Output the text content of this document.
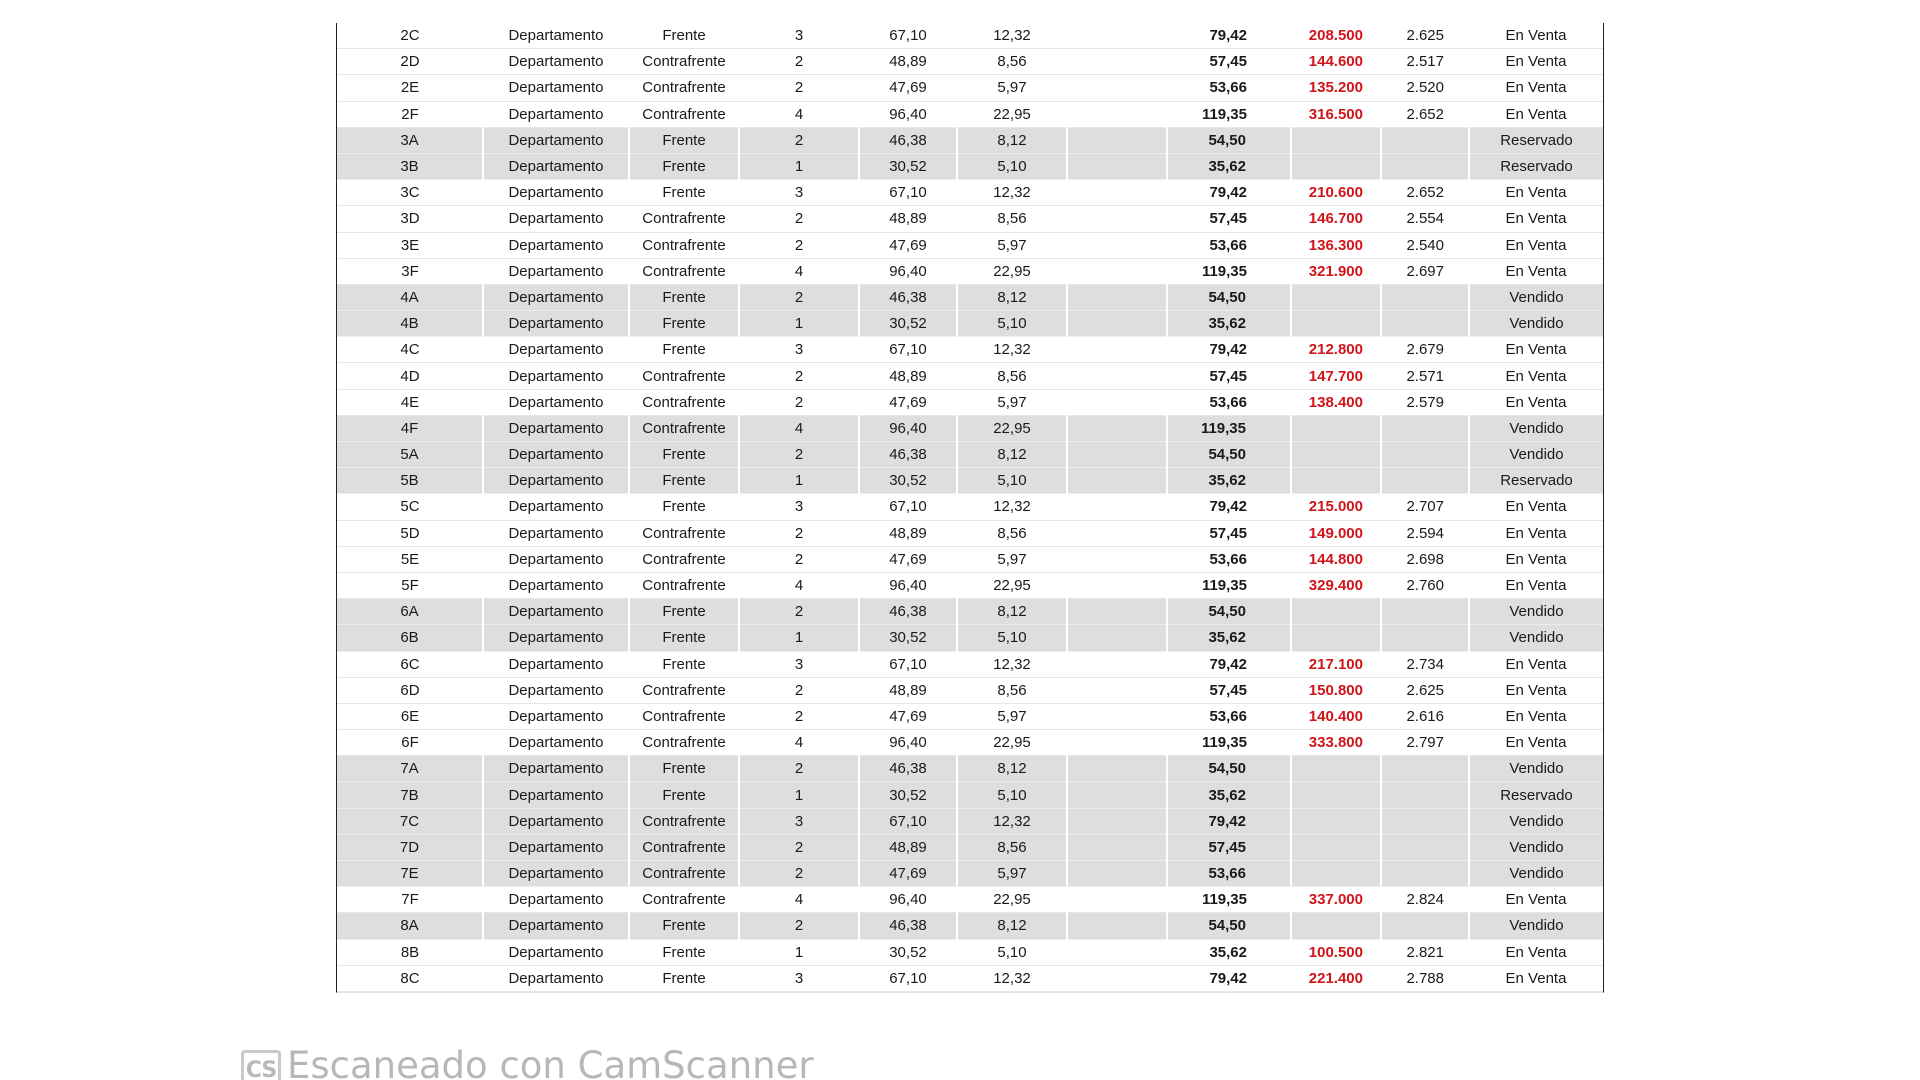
2C	Departamento	Frente	3	67,10	12,32		79,42	208.500	2.625	En Venta
2D	Departamento	Contrafrente	2	48,89	8,56		57,45	144.600	2.517	En Venta
2E	Departamento	Contrafrente	2	47,69	5,97		53,66	135.200	2.520	En Venta
2F	Departamento	Contrafrente	4	96,40	22,95		119,35	316.500	2.652	En Venta
3A	Departamento	Frente	2	46,38	8,12		54,50			Reservado
3B	Departamento	Frente	1	30,52	5,10		35,62			Reservado
3C	Departamento	Frente	3	67,10	12,32		79,42	210.600	2.652	En Venta
3D	Departamento	Contrafrente	2	48,89	8,56		57,45	146.700	2.554	En Venta
3E	Departamento	Contrafrente	2	47,69	5,97		53,66	136.300	2.540	En Venta
3F	Departamento	Contrafrente	4	96,40	22,95		119,35	321.900	2.697	En Venta
4A	Departamento	Frente	2	46,38	8,12		54,50			Vendido
4B	Departamento	Frente	1	30,52	5,10		35,62			Vendido
4C	Departamento	Frente	3	67,10	12,32		79,42	212.800	2.679	En Venta
4D	Departamento	Contrafrente	2	48,89	8,56		57,45	147.700	2.571	En Venta
4E	Departamento	Contrafrente	2	47,69	5,97		53,66	138.400	2.579	En Venta
4F	Departamento	Contrafrente	4	96,40	22,95		119,35			Vendido
5A	Departamento	Frente	2	46,38	8,12		54,50			Vendido
5B	Departamento	Frente	1	30,52	5,10		35,62			Reservado
5C	Departamento	Frente	3	67,10	12,32		79,42	215.000	2.707	En Venta
5D	Departamento	Contrafrente	2	48,89	8,56		57,45	149.000	2.594	En Venta
5E	Departamento	Contrafrente	2	47,69	5,97		53,66	144.800	2.698	En Venta
5F	Departamento	Contrafrente	4	96,40	22,95		119,35	329.400	2.760	En Venta
6A	Departamento	Frente	2	46,38	8,12		54,50			Vendido
6B	Departamento	Frente	1	30,52	5,10		35,62			Vendido
6C	Departamento	Frente	3	67,10	12,32		79,42	217.100	2.734	En Venta
6D	Departamento	Contrafrente	2	48,89	8,56		57,45	150.800	2.625	En Venta
6E	Departamento	Contrafrente	2	47,69	5,97		53,66	140.400	2.616	En Venta
6F	Departamento	Contrafrente	4	96,40	22,95		119,35	333.800	2.797	En Venta
7A	Departamento	Frente	2	46,38	8,12		54,50			Vendido
7B	Departamento	Frente	1	30,52	5,10		35,62			Reservado
7C	Departamento	Contrafrente	3	67,10	12,32		79,42			Vendido
7D	Departamento	Contrafrente	2	48,89	8,56		57,45			Vendido
7E	Departamento	Contrafrente	2	47,69	5,97		53,66			Vendido
7F	Departamento	Contrafrente	4	96,40	22,95		119,35	337.000	2.824	En Venta
8A	Departamento	Frente	2	46,38	8,12		54,50			Vendido
8B	Departamento	Frente	1	30,52	5,10		35,62	100.500	2.821	En Venta
8C	Departamento	Frente	3	67,10	12,32		79,42	221.400	2.788	En Venta
CS Escaneado con CamScanner
